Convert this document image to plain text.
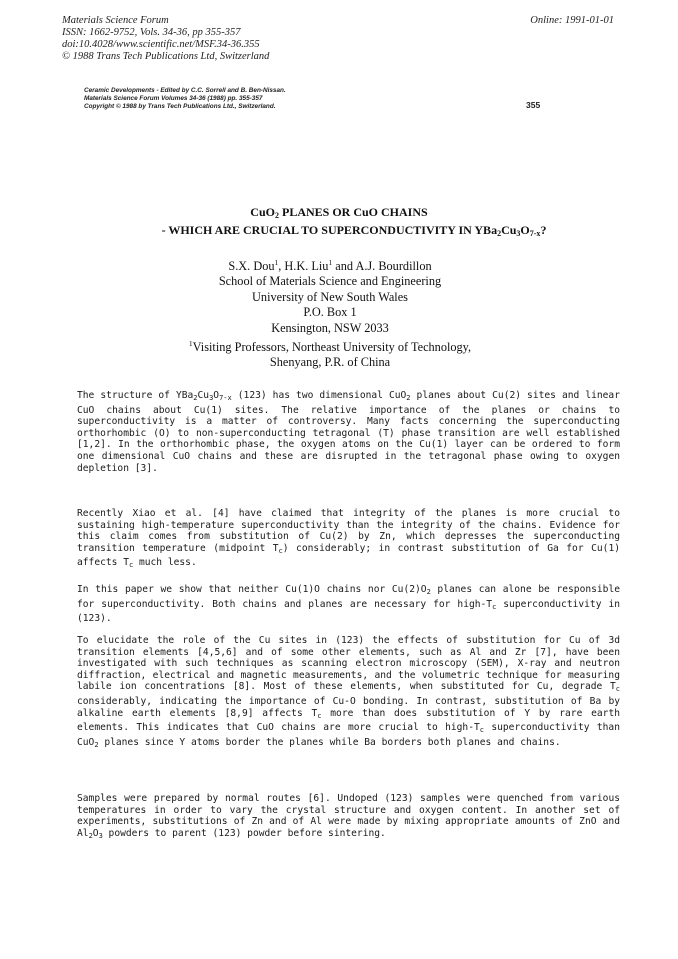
Materials Science Forum
ISSN: 1662-9752, Vols. 34-36, pp 355-357
doi:10.4028/www.scientific.net/MSF.34-36.355
© 1988 Trans Tech Publications Ltd, Switzerland
Online: 1991-01-01
Ceramic Developments - Edited by C.C. Sorrell and B. Ben-Nissan.
Materials Science Forum Volumes 34-36 (1988) pp. 355-357
Copyright © 1988 by Trans Tech Publications Ltd., Switzerland.	355
CuO$_2$ PLANES OR CuO CHAINS
- WHICH ARE CRUCIAL TO SUPERCONDUCTIVITY IN $YBa_2Cu_3O_{7-x}$?
S.X. Dou$^1$, H.K. Liu$^1$ and A.J. Bourdillon
School of Materials Science and Engineering
University of New South Wales
P.O. Box 1
Kensington, NSW 2033
$^1$Visiting Professors, Northeast University of Technology,
Shenyang, P.R. of China

The structure of $YBa_2Cu_3O_{7-x}$ (123) has two dimensional CuO$_2$ planes about Cu(2) sites and linear CuO chains about Cu(1) sites. The relative importance of the planes or chains to superconductivity is a matter of controversy. Many facts concerning the superconducting orthorhombic (O) to non-superconducting tetragonal (T) phase transition are well established [1,2]. In the orthorhombic phase, the oxygen atoms on the Cu(1) layer can be ordered to form one dimensional CuO chains and these are disrupted in the tetragonal phase owing to oxygen depletion [3].

Recently Xiao et al. [4] have claimed that integrity of the planes is more crucial to sustaining high-temperature superconductivity than the integrity of the chains. Evidence for this claim comes from substitution of Cu(2) by Zn, which depresses the superconducting transition temperature (midpoint $T_c$) considerably; in contrast substitution of Ga for Cu(1) affects $T_c$ much less.

In this paper we show that neither Cu(1)O chains nor $Cu(2)O_2$ planes can alone be responsible for superconductivity. Both chains and planes are necessary for high-$T_c$ superconductivity in (123).

To elucidate the role of the Cu sites in (123) the effects of substitution for Cu of 3d transition elements [4,5,6] and of some other elements, such as Al and Zr [7], have been investigated with such techniques as scanning electron microscopy (SEM), X-ray and neutron diffraction, electrical and magnetic measurements, and the volumetric technique for measuring labile ion concentrations [8]. Most of these elements, when substituted for Cu, degrade $T_c$ considerably, indicating the importance of Cu-O bonding. In contrast, substitution of Ba by alkaline earth elements [8,9] affects $T_c$ more than does substitution of Y by rare earth elements. This indicates that CuO chains are more crucial to high-$T_c$ superconductivity than CuO$_2$ planes since Y atoms border the planes while Ba borders both planes and chains.

Samples were prepared by normal routes [6]. Undoped (123) samples were quenched from various temperatures in order to vary the crystal structure and oxygen content. In another set of experiments, substitutions of Zn and of Al were made by mixing appropriate amounts of ZnO and $Al_2O_3$ powders to parent (123) powder before sintering.
